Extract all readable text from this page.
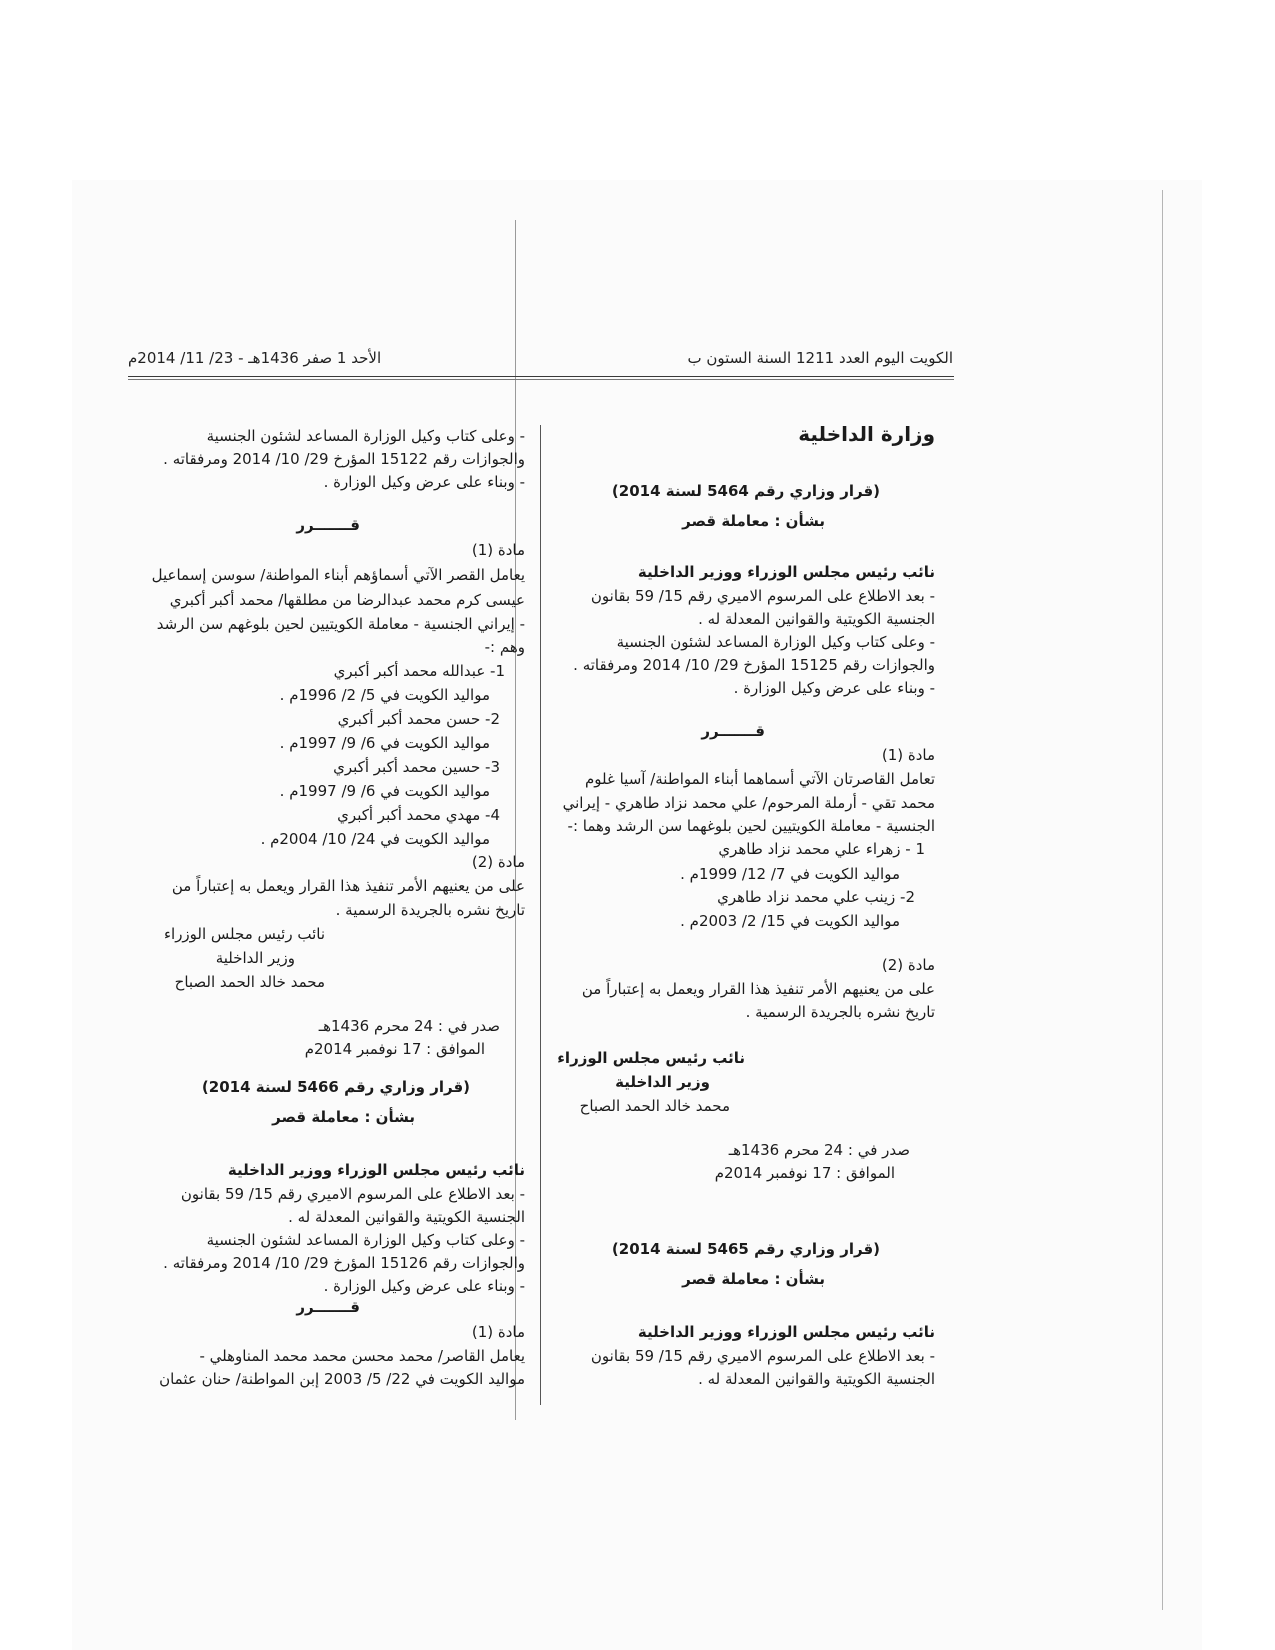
الكويت اليوم العدد 1211 السنة الستون ب
الأحد 1 صفر 1436هـ - 23/ 11/ 2014م
وزارة الداخلية
(قرار وزاري رقم 5464 لسنة 2014)
بشأن : معاملة قصر
نائب رئيس مجلس الوزراء ووزير الداخلية
- بعد الاطلاع على المرسوم الاميري رقم 15/ 59 بقانون
الجنسية الكويتية والقوانين المعدلة له .
- وعلى كتاب وكيل الوزارة المساعد لشئون الجنسية
والجوازات رقم 15125 المؤرخ 29/ 10/ 2014 ومرفقاته .
- وبناء على عرض وكيل الوزارة .
قـــــــرر
مادة (1)
تعامل القاصرتان الآتي أسماهما أبناء المواطنة/ آسيا غلوم
محمد تقي - أرملة المرحوم/ علي محمد نزاد طاهري - إيراني
الجنسية - معاملة الكويتيين لحين بلوغهما سن الرشد وهما :-
1 - زهراء علي محمد نزاد طاهري
مواليد الكويت في 7/ 12/ 1999م .
2- زينب علي محمد نزاد طاهري
مواليد الكويت في 15/ 2/ 2003م .
مادة (2)
على من يعنيهم الأمر تنفيذ هذا القرار ويعمل به إعتباراً من
تاريخ نشره بالجريدة الرسمية .
نائب رئيس مجلس الوزراء
وزير الداخلية
محمد خالد الحمد الصباح
صدر في : 24 محرم 1436هـ
الموافق : 17 نوفمبر 2014م
(قرار وزاري رقم 5465 لسنة 2014)
بشأن : معاملة قصر
نائب رئيس مجلس الوزراء ووزير الداخلية
- بعد الاطلاع على المرسوم الاميري رقم 15/ 59 بقانون
الجنسية الكويتية والقوانين المعدلة له .
- وعلى كتاب وكيل الوزارة المساعد لشئون الجنسية
والجوازات رقم 15122 المؤرخ 29/ 10/ 2014 ومرفقاته .
- وبناء على عرض وكيل الوزارة .
قـــــــرر
مادة (1)
يعامل القصر الآتي أسماؤهم أبناء المواطنة/ سوسن إسماعيل
عيسى كرم محمد عبدالرضا من مطلقها/ محمد أكبر أكبري
- إيراني الجنسية - معاملة الكويتيين لحين بلوغهم سن الرشد
وهم :-
1- عبدالله محمد أكبر أكبري
مواليد الكويت في 5/ 2/ 1996م .
2- حسن محمد أكبر أكبري
مواليد الكويت في 6/ 9/ 1997م .
3- حسين محمد أكبر أكبري
مواليد الكويت في 6/ 9/ 1997م .
4- مهدي محمد أكبر أكبري
مواليد الكويت في 24/ 10/ 2004م .
مادة (2)
على من يعنيهم الأمر تنفيذ هذا القرار ويعمل به إعتباراً من
تاريخ نشره بالجريدة الرسمية .
نائب رئيس مجلس الوزراء
وزير الداخلية
محمد خالد الحمد الصباح
صدر في : 24 محرم 1436هـ
الموافق : 17 نوفمبر 2014م
(قرار وزاري رقم 5466 لسنة 2014)
بشأن : معاملة قصر
نائب رئيس مجلس الوزراء ووزير الداخلية
- بعد الاطلاع على المرسوم الاميري رقم 15/ 59 بقانون
الجنسية الكويتية والقوانين المعدلة له .
- وعلى كتاب وكيل الوزارة المساعد لشئون الجنسية
والجوازات رقم 15126 المؤرخ 29/ 10/ 2014 ومرفقاته .
- وبناء على عرض وكيل الوزارة .
قـــــــرر
مادة (1)
يعامل القاصر/ محمد محسن محمد محمد المناوهلي -
مواليد الكويت في 22/ 5/ 2003 إبن المواطنة/ حنان عثمان
